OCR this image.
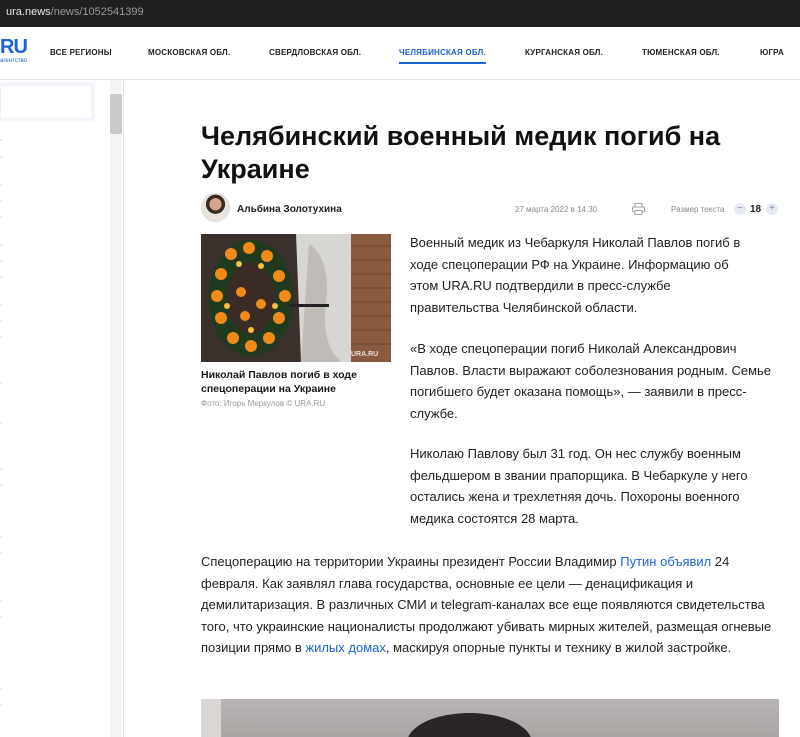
ura.news/news/1052541399
RU
агентство
ВСЕ РЕГИОНЫ	МОСКОВСКАЯ ОБЛ.	СВЕРДЛОВСКАЯ ОБЛ.	ЧЕЛЯБИНСКАЯ ОБЛ.	КУРГАНСКАЯ ОБЛ.	ТЮМЕНСКАЯ ОБЛ.	ЮГРА
·
·
·
·
·
·
·
·
·
·
·
·
·
·
·
·
·
·
·
·
·
Челябинский военный медик погиб на Украине
Альбина Золотухина	27 марта 2022 в 14:30	Размер текста	− 18 +
URA.RU
Николай Павлов погиб в ходе спецоперации на Украине
Фото: Игорь Меркулов © URA.RU

Военный медик из Чебаркуля Николай Павлов погиб в ходе спецоперации РФ на Украине. Информацию об этом URA.RU подтвердили в пресс-службе правительства Челябинской области.

«В ходе спецоперации погиб Николай Александрович Павлов. Власти выражают соболезнования родным. Семье погибшего будет оказана помощь», — заявили в пресс-службе.

Николаю Павлову был 31 год. Он нес службу военным фельдшером в звании прапорщика. В Чебаркуле у него остались жена и трехлетняя дочь. Похороны военного медика состоятся 28 марта.

Спецоперацию на территории Украины президент России Владимир Путин объявил 24 февраля. Как заявлял глава государства, основные ее цели — денацификация и демилитаризация. В различных СМИ и telegram-каналах все еще появляются свидетельства того, что украинские националисты продолжают убивать мирных жителей, размещая огневые позиции прямо в жилых домах, маскируя опорные пункты и технику в жилой застройке.
